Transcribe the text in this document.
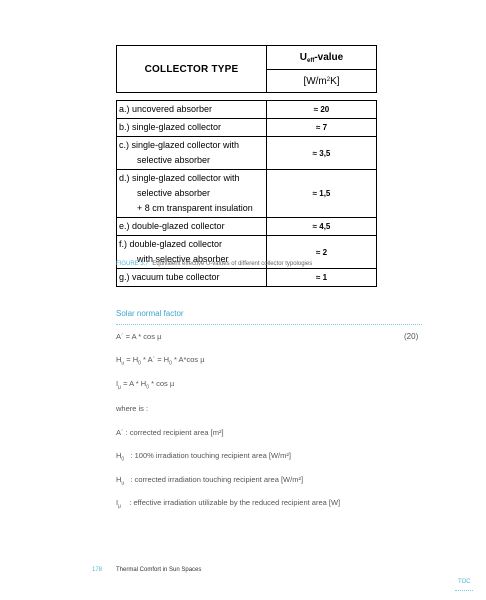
COLLECTOR TYPE	$U_{eff}$-value
	$[W/m^2K]$

a.) uncovered absorber	≈ 20

b.) single-glazed collector	≈ 7

c.) single-glazed collector with
selective absorber	≈ 3,5

d.) single-glazed collector with
selective absorber
+ 8 cm transparent insulation	≈ 1,5

e.) double-glazed collector	≈ 4,5

f.) double-glazed collector
with selective absorber	≈ 2

g.) vacuum tube collector	≈ 1
FIGURE 3.7 Equivalent effective U-values of different collector typologies
Solar normal factor
A´ = A * cos µ	(20)
$H_u = H_0$ * A´ = $H_0 * A*\cos$ µ
$I_\mu = A * H_0 * \cos \mu$
where is :
A´ : corrected recipient area [m²]
$H_0$   : 100% irradiation touching recipient area [W/m²]
$H_u$   : corrected irradiation touching recipient area [W/m²]
$I_\mu$    : effective irradiation utilizable by the reduced recipient area [W]
178 Thermal Comfort in Sun Spaces
TOC
